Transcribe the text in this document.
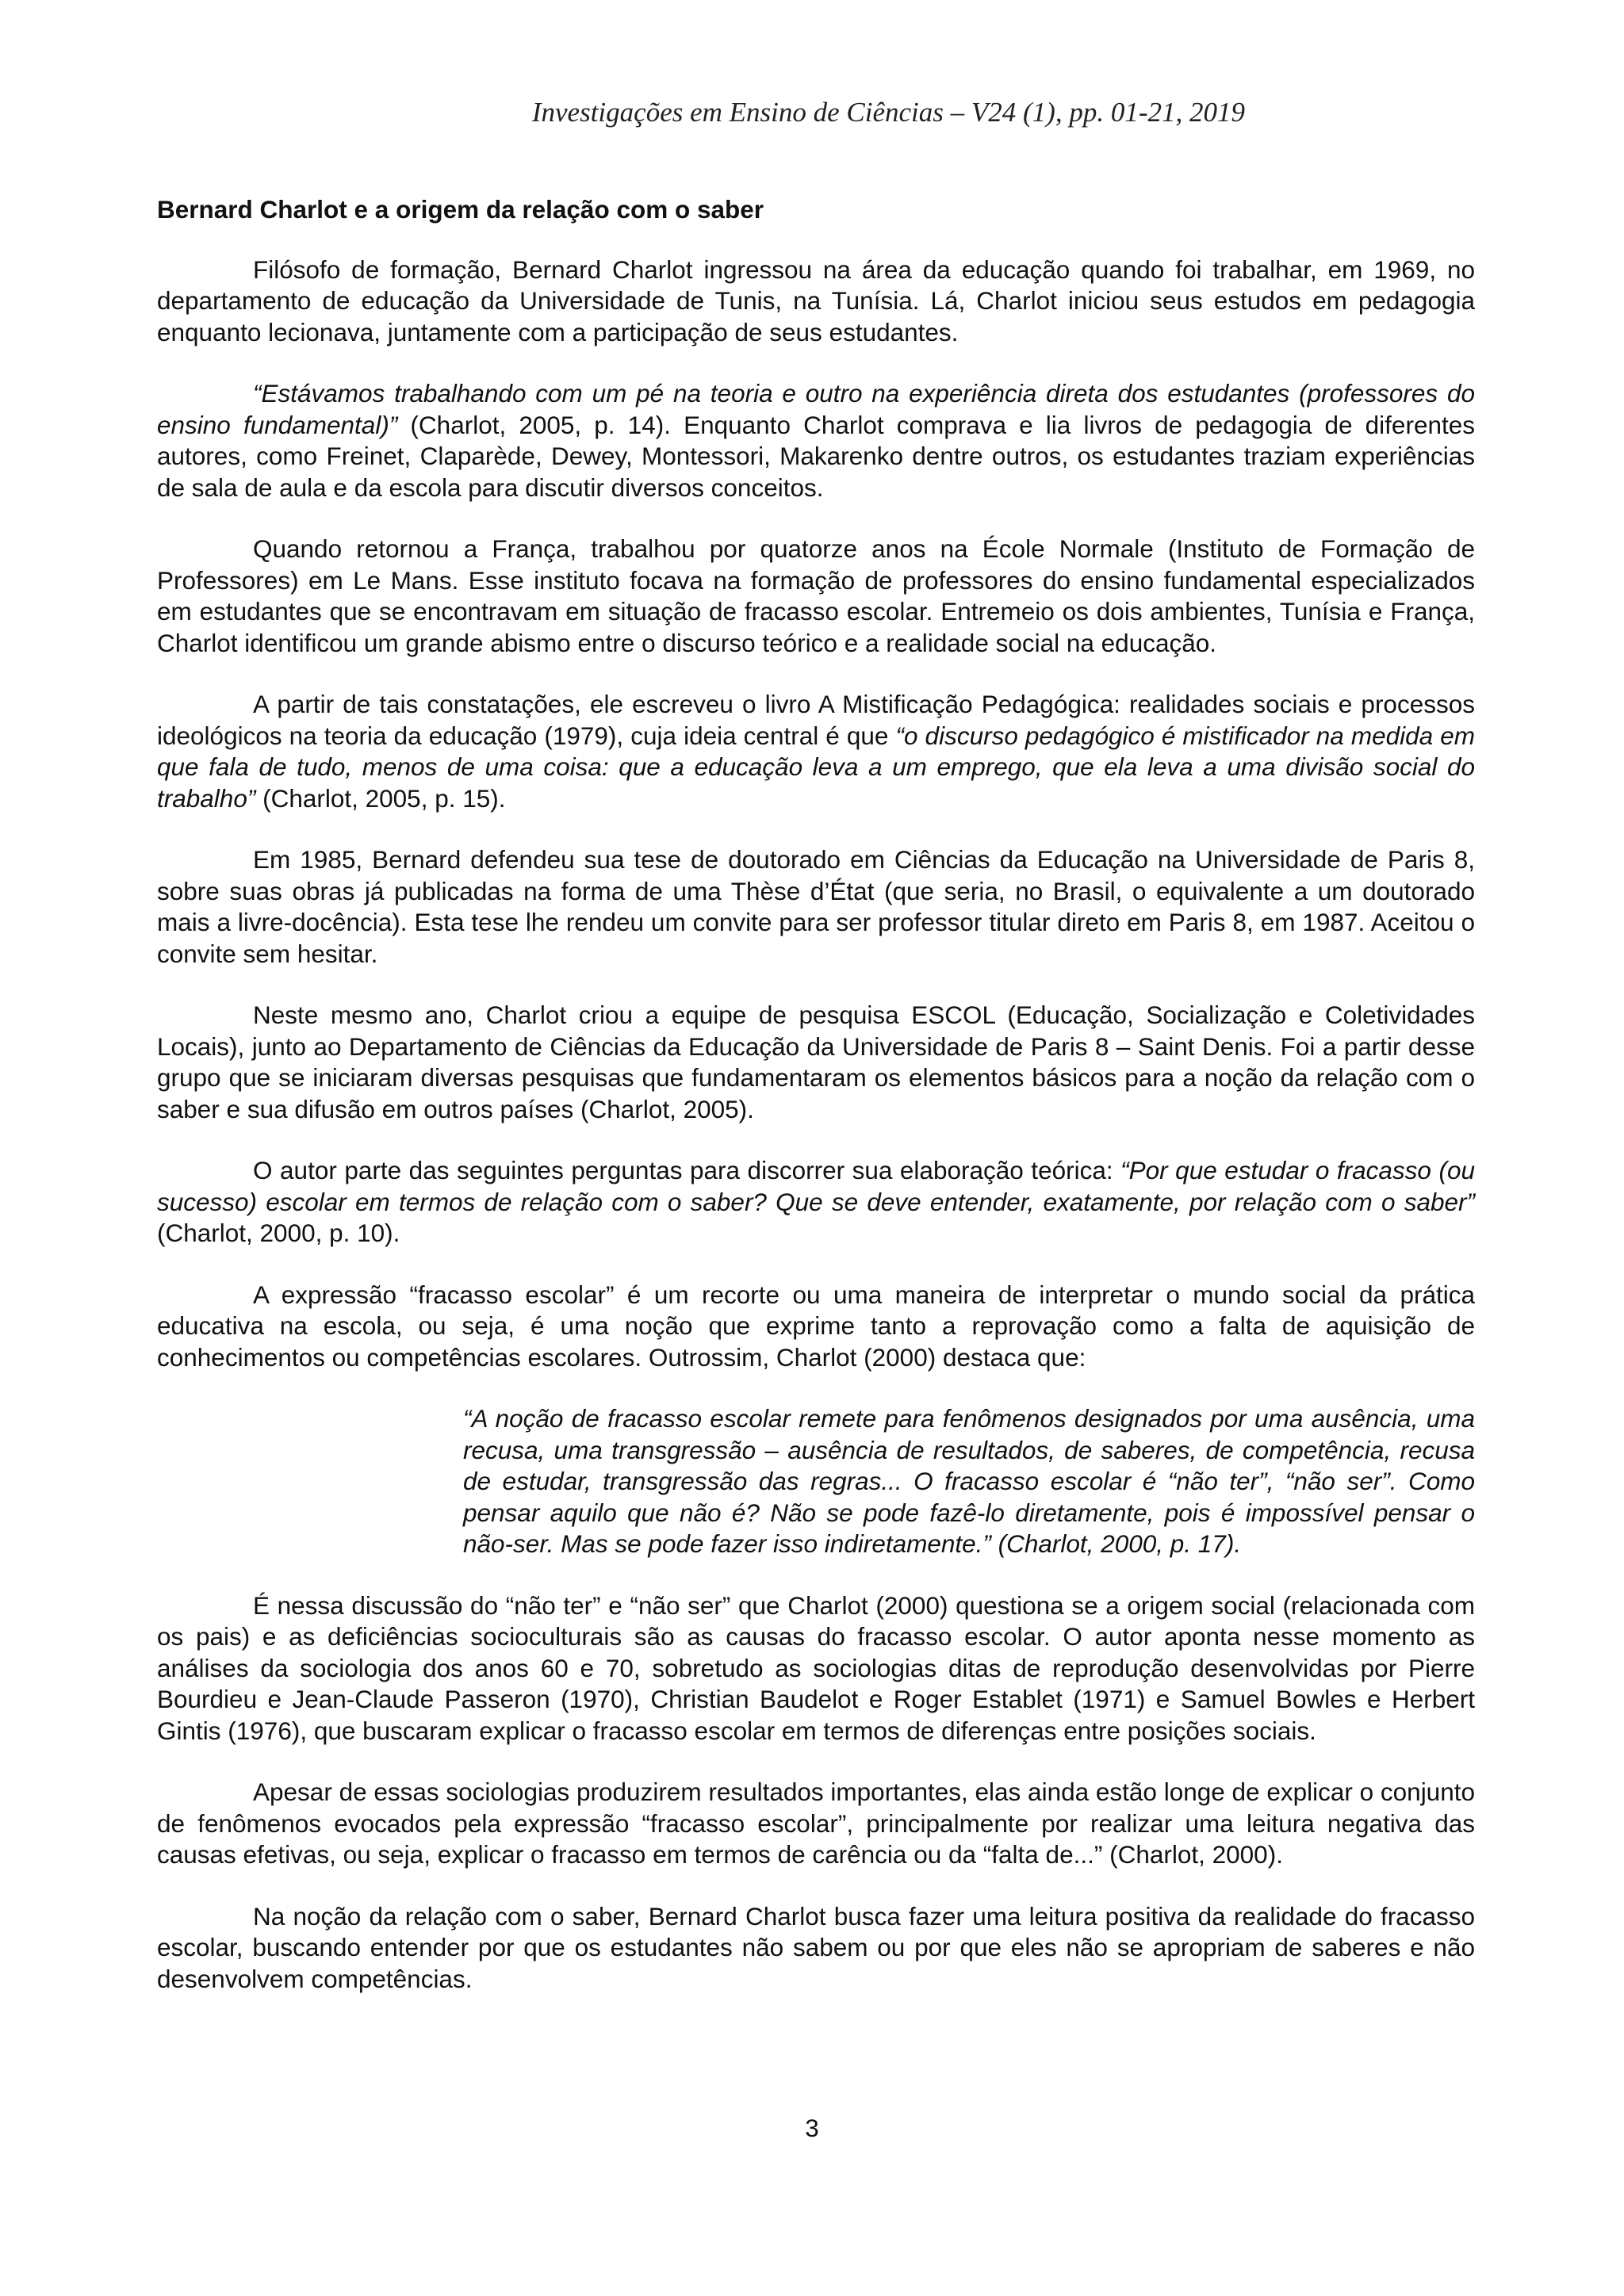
Investigações em Ensino de Ciências – V24 (1), pp. 01-21, 2019
Bernard Charlot e a origem da relação com o saber

Filósofo de formação, Bernard Charlot ingressou na área da educação quando foi trabalhar, em 1969, no departamento de educação da Universidade de Tunis, na Tunísia. Lá, Charlot iniciou seus estudos em pedagogia enquanto lecionava, juntamente com a participação de seus estudantes.

“Estávamos trabalhando com um pé na teoria e outro na experiência direta dos estudantes (professores do ensino fundamental)” (Charlot, 2005, p. 14). Enquanto Charlot comprava e lia livros de pedagogia de diferentes autores, como Freinet, Claparède, Dewey, Montessori, Makarenko dentre outros, os estudantes traziam experiências de sala de aula e da escola para discutir diversos conceitos.

Quando retornou a França, trabalhou por quatorze anos na École Normale (Instituto de Formação de Professores) em Le Mans. Esse instituto focava na formação de professores do ensino fundamental especializados em estudantes que se encontravam em situação de fracasso escolar. Entremeio os dois ambientes, Tunísia e França, Charlot identificou um grande abismo entre o discurso teórico e a realidade social na educação.

A partir de tais constatações, ele escreveu o livro A Mistificação Pedagógica: realidades sociais e processos ideológicos na teoria da educação (1979), cuja ideia central é que “o discurso pedagógico é mistificador na medida em que fala de tudo, menos de uma coisa: que a educação leva a um emprego, que ela leva a uma divisão social do trabalho” (Charlot, 2005, p. 15).

Em 1985, Bernard defendeu sua tese de doutorado em Ciências da Educação na Universidade de Paris 8, sobre suas obras já publicadas na forma de uma Thèse d’État (que seria, no Brasil, o equivalente a um doutorado mais a livre-docência). Esta tese lhe rendeu um convite para ser professor titular direto em Paris 8, em 1987. Aceitou o convite sem hesitar.

Neste mesmo ano, Charlot criou a equipe de pesquisa ESCOL (Educação, Socialização e Coletividades Locais), junto ao Departamento de Ciências da Educação da Universidade de Paris 8 – Saint Denis. Foi a partir desse grupo que se iniciaram diversas pesquisas que fundamentaram os elementos básicos para a noção da relação com o saber e sua difusão em outros países (Charlot, 2005).

O autor parte das seguintes perguntas para discorrer sua elaboração teórica: “Por que estudar o fracasso (ou sucesso) escolar em termos de relação com o saber? Que se deve entender, exatamente, por relação com o saber” (Charlot, 2000, p. 10).

A expressão “fracasso escolar” é um recorte ou uma maneira de interpretar o mundo social da prática educativa na escola, ou seja, é uma noção que exprime tanto a reprovação como a falta de aquisição de conhecimentos ou competências escolares. Outrossim, Charlot (2000) destaca que:

“A noção de fracasso escolar remete para fenômenos designados por uma ausência, uma recusa, uma transgressão – ausência de resultados, de saberes, de competência, recusa de estudar, transgressão das regras... O fracasso escolar é “não ter”, “não ser”. Como pensar aquilo que não é? Não se pode fazê-lo diretamente, pois é impossível pensar o não-ser. Mas se pode fazer isso indiretamente.” (Charlot, 2000, p. 17).

É nessa discussão do “não ter” e “não ser” que Charlot (2000) questiona se a origem social (relacionada com os pais) e as deficiências socioculturais são as causas do fracasso escolar. O autor aponta nesse momento as análises da sociologia dos anos 60 e 70, sobretudo as sociologias ditas de reprodução desenvolvidas por Pierre Bourdieu e Jean-Claude Passeron (1970), Christian Baudelot e Roger Establet (1971) e Samuel Bowles e Herbert Gintis (1976), que buscaram explicar o fracasso escolar em termos de diferenças entre posições sociais.

Apesar de essas sociologias produzirem resultados importantes, elas ainda estão longe de explicar o conjunto de fenômenos evocados pela expressão “fracasso escolar”, principalmente por realizar uma leitura negativa das causas efetivas, ou seja, explicar o fracasso em termos de carência ou da “falta de...” (Charlot, 2000).

Na noção da relação com o saber, Bernard Charlot busca fazer uma leitura positiva da realidade do fracasso escolar, buscando entender por que os estudantes não sabem ou por que eles não se apropriam de saberes e não desenvolvem competências.

3
